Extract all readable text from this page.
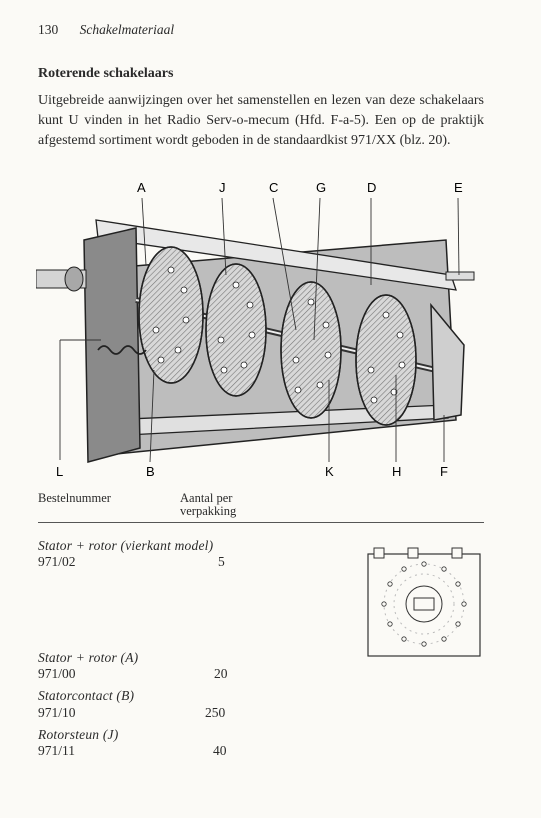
130 Schakelmateriaal
Roterende schakelaars
Uitgebreide aanwijzingen over het samenstellen en lezen van deze schakelaars kunt U vinden in het Radio Serv-o-mecum (Hfd. F-a-5). Een op de praktijk afgestemd sortiment wordt geboden in de standaardkist 971/XX (blz. 20).
A	J	C	G	D	E
L	B	K	H	F
Bestelnummer	Aantal per
verpakking
Stator + rotor (vierkant model)
971/02	5
Stator + rotor (A)
971/00	20
Statorcontact (B)
971/10	250
Rotorsteun (J)
971/11	40
